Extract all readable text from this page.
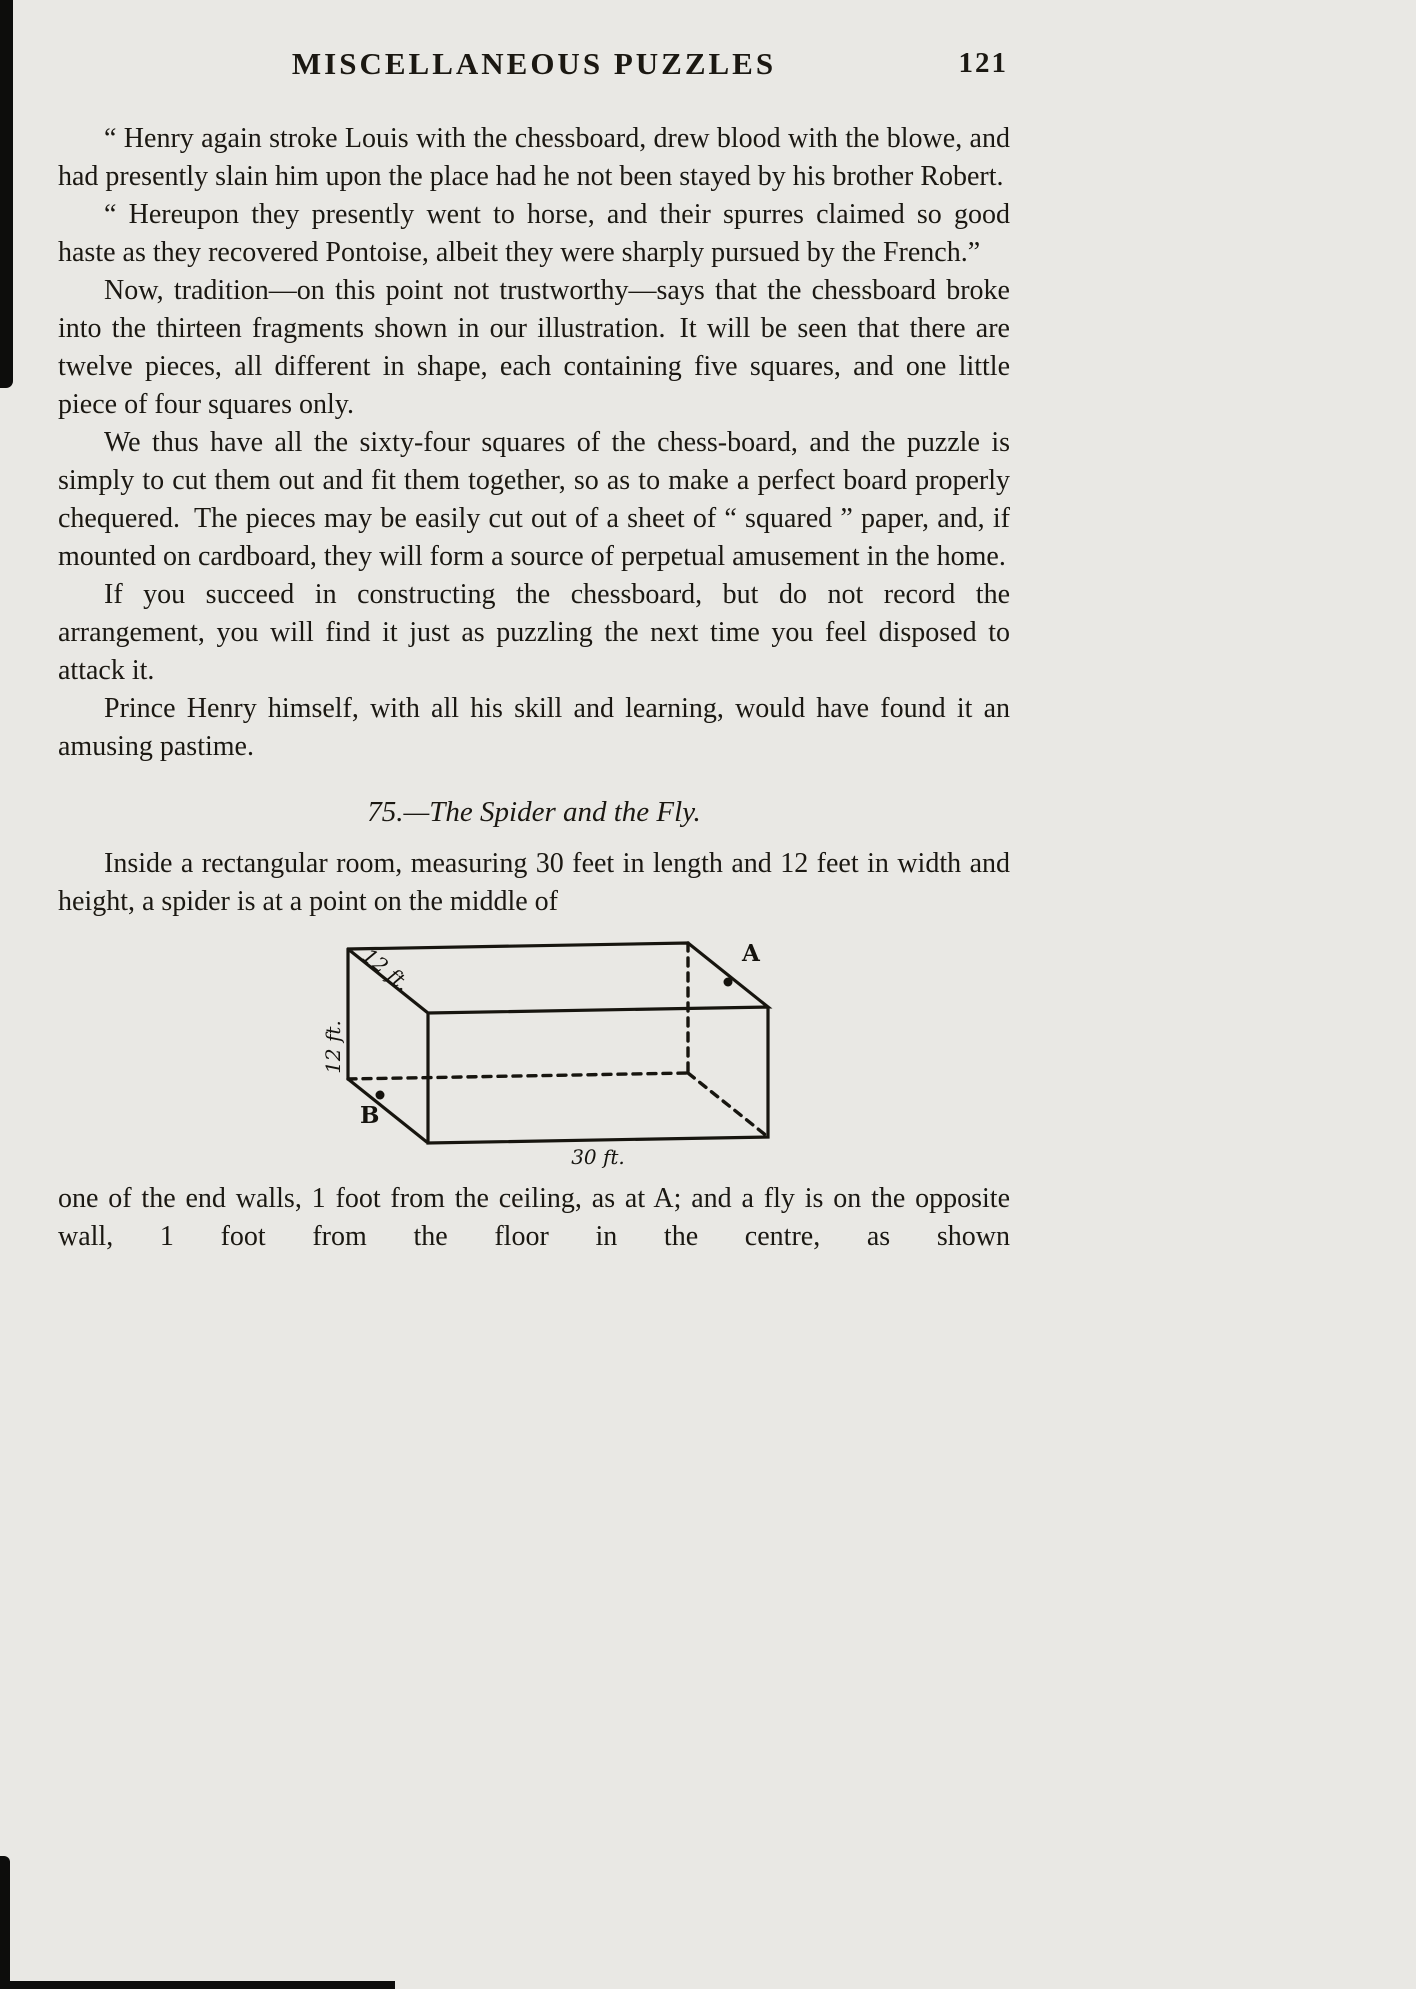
MISCELLANEOUS PUZZLES	121

“ Henry again stroke Louis with the chessboard, drew blood with the blowe, and had presently slain him upon the place had he not been stayed by his brother Robert.

“ Hereupon they presently went to horse, and their spurres claimed so good haste as they recovered Pontoise, albeit they were sharply pursued by the French.”

Now, tradition—on this point not trustworthy—says that the chessboard broke into the thirteen fragments shown in our illustration. It will be seen that there are twelve pieces, all different in shape, each containing five squares, and one little piece of four squares only.

We thus have all the sixty-four squares of the chess-board, and the puzzle is simply to cut them out and fit them together, so as to make a perfect board properly chequered. The pieces may be easily cut out of a sheet of “ squared ” paper, and, if mounted on cardboard, they will form a source of perpetual amusement in the home.

If you succeed in constructing the chessboard, but do not record the arrangement, you will find it just as puzzling the next time you feel disposed to attack it.

Prince Henry himself, with all his skill and learning, would have found it an amusing pastime.

75.—The Spider and the Fly.

Inside a rectangular room, measuring 30 feet in length and 12 feet in width and height, a spider is at a point on the middle of

12 ft.
12 ft.
30 ft.
A
B

one of the end walls, 1 foot from the ceiling, as at A; and a fly is on the opposite wall, 1 foot from the floor in the centre, as shown
